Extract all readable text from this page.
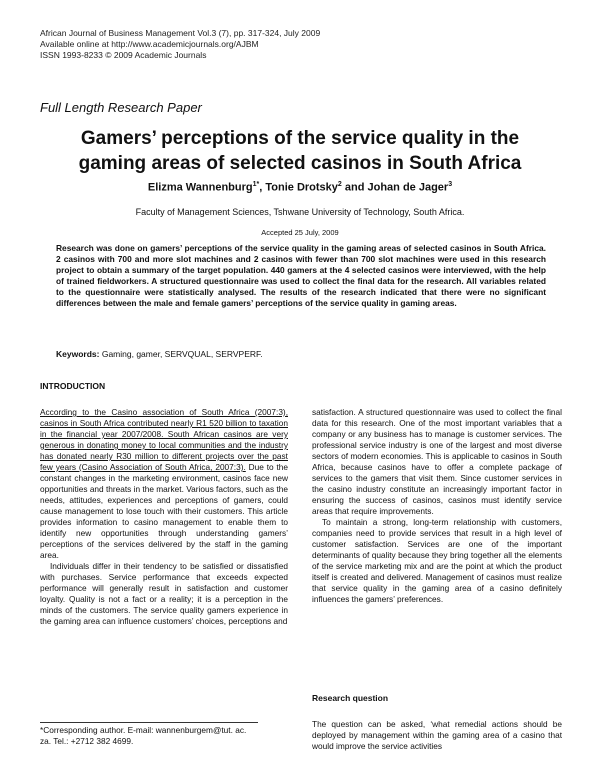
African Journal of Business Management Vol.3 (7), pp. 317-324, July 2009
Available online at http://www.academicjournals.org/AJBM
ISSN 1993-8233 © 2009 Academic Journals
Full Length Research Paper
Gamers’ perceptions of the service quality in the
gaming areas of selected casinos in South Africa
Elizma Wannenburg$^{1*}$, Tonie Drotsky$^2$ and Johan de Jager$^3$
Faculty of Management Sciences, Tshwane University of Technology, South Africa.
Accepted 25 July, 2009
Research was done on gamers’ perceptions of the service quality in the gaming areas of selected casinos in South Africa. 2 casinos with 700 and more slot machines and 2 casinos with fewer than 700 slot machines were used in this research project to obtain a summary of the target population. 440 gamers at the 4 selected casinos were interviewed, with the help of trained fieldworkers. A structured questionnaire was used to collect the final data for the research. All variables related to the questionnaire were statistically analysed. The results of the research indicated that there were no significant differences between the male and female gamers’ perceptions of the service quality in gaming areas.
Keywords: Gaming, gamer, SERVQUAL, SERVPERF.
INTRODUCTION

According to the Casino association of South Africa (2007:3), casinos in South Africa contributed nearly R1 520 billion to taxation in the financial year 2007/2008. South African casinos are very generous in donating money to local communities and the industry has donated nearly R30 million to different projects over the past few years (Casino Association of South Africa, 2007:3). Due to the constant changes in the marketing environment, casinos face new opportunities and threats in the market. Various factors, such as the needs, attitudes, experiences and perceptions of gamers, could cause management to lose touch with their customers. This article provides information to casino management to enable them to identify new opportunities through understanding gamers’ perceptions of the services delivered by the staff in the gaming area.

Individuals differ in their tendency to be satisfied or dissatisfied with purchases. Service performance that exceeds expected performance will generally result in satisfaction and customer loyalty. Quality is not a fact or a reality; it is a perception in the minds of the customers. The service quality gamers experience in the gaming area can influence customers’ choices, perceptions and

satisfaction. A structured questionnaire was used to collect the final data for this research. One of the most important variables that a company or any business has to manage is customer services. The professional service industry is one of the largest and most diverse sectors of modern economies. This is applicable to casinos in South Africa, because casinos have to offer a complete package of services to the gamers that visit them. Since customer services in the casino industry constitute an increasingly important factor in ensuring the success of casinos, casinos must identify service areas that require improvements.

To maintain a strong, long-term relationship with customers, companies need to provide services that result in a high level of customer satisfaction. Services are one of the important determinants of quality because they bring together all the elements of the service marketing mix and are the point at which the product itself is created and delivered. Management of casinos must realize that service quality in the gaming area of a casino definitely influences the gamers’ preferences.

Research question

The question can be asked, ‘what remedial actions should be deployed by management within the gaming area of a casino that would improve the service activities

*Corresponding author. E-mail: wannenburgem@tut. ac.
za. Tel.: +2712 382 4699.
